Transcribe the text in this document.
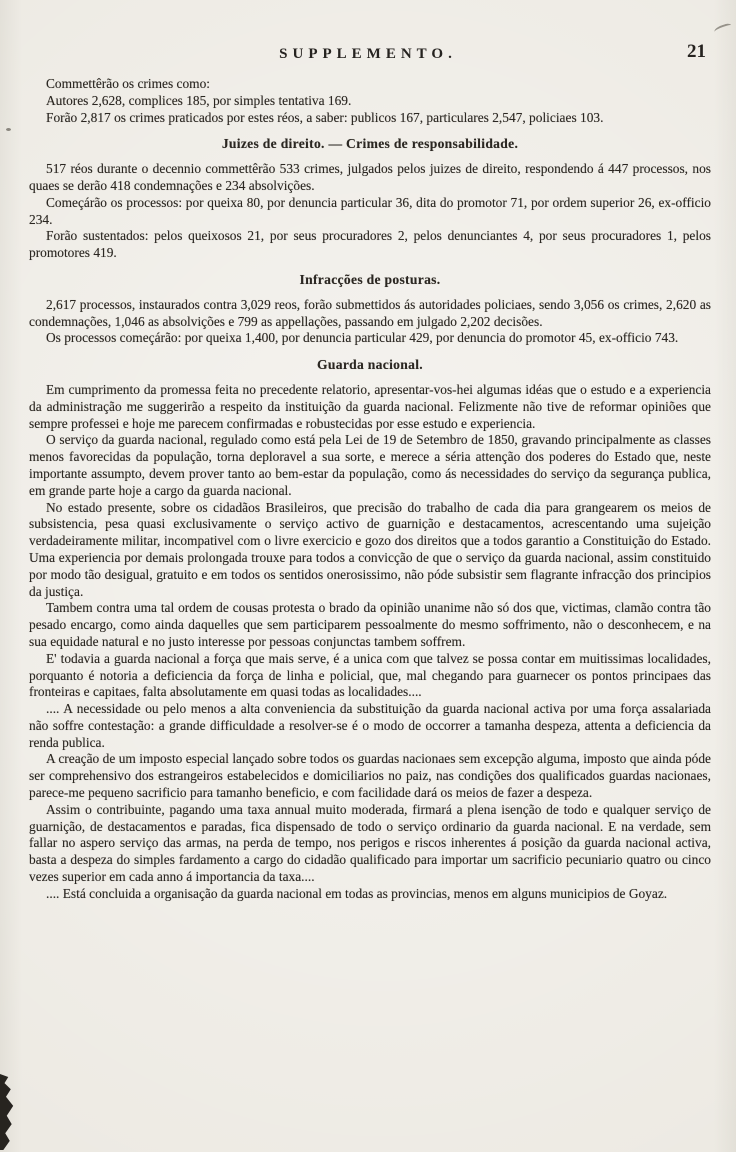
SUPPLEMENTO.	21

Commettêrão os crimes como:

Autores 2,628, complices 185, por simples tentativa 169.

Forão 2,817 os crimes praticados por estes réos, a saber: publicos 167, particulares 2,547, policiaes 103.

Juizes de direito. — Crimes de responsabilidade.

517 réos durante o decennio commettêrão 533 crimes, julgados pelos juizes de direito, respondendo á 447 processos, nos quaes se derão 418 condemnações e 234 absolvições.

Começárão os processos: por queixa 80, por denuncia particular 36, dita do promotor 71, por ordem superior 26, ex-officio 234.

Forão sustentados: pelos queixosos 21, por seus procuradores 2, pelos denunciantes 4, por seus procuradores 1, pelos promotores 419.

Infracções de posturas.

2,617 processos, instaurados contra 3,029 reos, forão submettidos ás autoridades policiaes, sendo 3,056 os crimes, 2,620 as condemnações, 1,046 as absolvições e 799 as appellações, passando em julgado 2,202 decisões.

Os processos começárão: por queixa 1,400, por denuncia particular 429, por denuncia do promotor 45, ex-officio 743.

Guarda nacional.

Em cumprimento da promessa feita no precedente relatorio, apresentar-vos-hei algumas idéas que o estudo e a experiencia da administração me suggerirão a respeito da instituição da guarda nacional. Felizmente não tive de reformar opiniões que sempre professei e hoje me parecem confirmadas e robustecidas por esse estudo e experiencia.

O serviço da guarda nacional, regulado como está pela Lei de 19 de Setembro de 1850, gravando principalmente as classes menos favorecidas da população, torna deploravel a sua sorte, e merece a séria attenção dos poderes do Estado que, neste importante assumpto, devem prover tanto ao bem-estar da população, como ás necessidades do serviço da segurança publica, em grande parte hoje a cargo da guarda nacional.

No estado presente, sobre os cidadãos Brasileiros, que precisão do trabalho de cada dia para grangearem os meios de subsistencia, pesa quasi exclusivamente o serviço activo de guarnição e destacamentos, acrescentando uma sujeição verdadeiramente militar, incompativel com o livre exercicio e gozo dos direitos que a todos garantio a Constituição do Estado. Uma experiencia por demais prolongada trouxe para todos a convicção de que o serviço da guarda nacional, assim constituido por modo tão desigual, gratuito e em todos os sentidos onerosissimo, não póde subsistir sem flagrante infracção dos principios da justiça.

Tambem contra uma tal ordem de cousas protesta o brado da opinião unanime não só dos que, victimas, clamão contra tão pesado encargo, como ainda daquelles que sem participarem pessoalmente do mesmo soffrimento, não o desconhecem, e na sua equidade natural e no justo interesse por pessoas conjunctas tambem soffrem.

E' todavia a guarda nacional a força que mais serve, é a unica com que talvez se possa contar em muitissimas localidades, porquanto é notoria a deficiencia da força de linha e policial, que, mal chegando para guarnecer os pontos principaes das fronteiras e capitaes, falta absolutamente em quasi todas as localidades....

.... A necessidade ou pelo menos a alta conveniencia da substituição da guarda nacional activa por uma força assalariada não soffre contestação: a grande difficuldade a resolver-se é o modo de occorrer a tamanha despeza, attenta a deficiencia da renda publica.

A creação de um imposto especial lançado sobre todos os guardas nacionaes sem excepção alguma, imposto que ainda póde ser comprehensivo dos estrangeiros estabelecidos e domiciliarios no paiz, nas condições dos qualificados guardas nacionaes, parece-me pequeno sacrificio para tamanho beneficio, e com facilidade dará os meios de fazer a despeza.

Assim o contribuinte, pagando uma taxa annual muito moderada, firmará a plena isenção de todo e qualquer serviço de guarnição, de destacamentos e paradas, fica dispensado de todo o serviço ordinario da guarda nacional. E na verdade, sem fallar no aspero serviço das armas, na perda de tempo, nos perigos e riscos inherentes á posição da guarda nacional activa, basta a despeza do simples fardamento a cargo do cidadão qualificado para importar um sacrificio pecuniario quatro ou cinco vezes superior em cada anno á importancia da taxa....

.... Está concluida a organisação da guarda nacional em todas as provincias, menos em alguns municipios de Goyaz.
